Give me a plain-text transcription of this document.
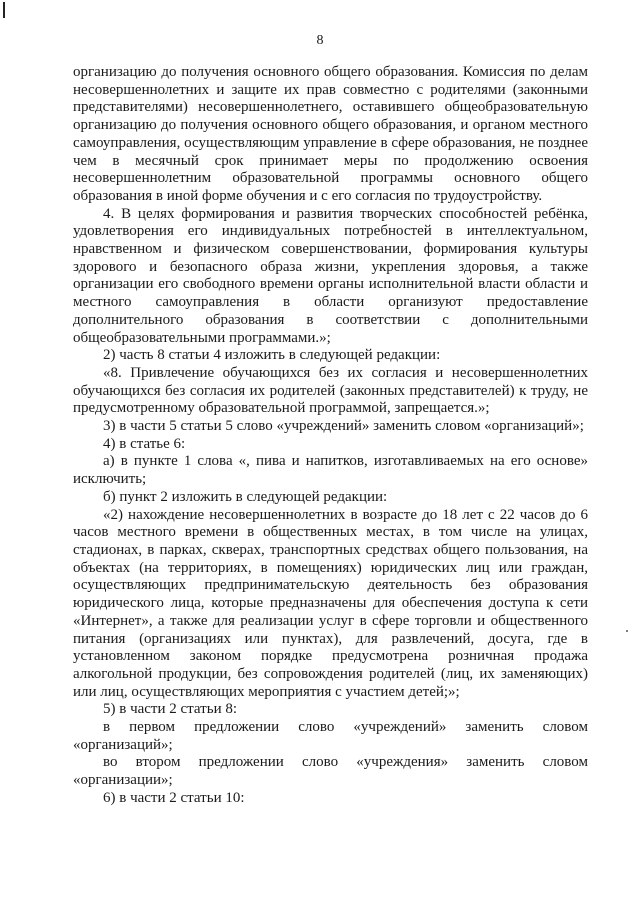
8

организацию до получения основного общего образования. Комиссия по делам несовершеннолетних и защите их прав совместно с родителями (законными представителями) несовершеннолетнего, оставившего общеобразовательную организацию до получения основного общего образования, и органом местного самоуправления, осуществляющим управление в сфере образования, не позднее чем в месячный срок принимает меры по продолжению освоения несовершеннолетним образовательной программы основного общего образования в иной форме обучения и с его согласия по трудоустройству.

4. В целях формирования и развития творческих способностей ребёнка, удовлетворения его индивидуальных потребностей в интеллектуальном, нравственном и физическом совершенствовании, формирования культуры здорового и безопасного образа жизни, укрепления здоровья, а также организации его свободного времени органы исполнительной власти области и местного самоуправления в области организуют предоставление дополнительного образования в соответствии с дополнительными общеобразовательными программами.»;

2) часть 8 статьи 4 изложить в следующей редакции:

«8. Привлечение обучающихся без их согласия и несовершеннолетних обучающихся без согласия их родителей (законных представителей) к труду, не предусмотренному образовательной программой, запрещается.»;

3) в части 5 статьи 5 слово «учреждений» заменить словом «организаций»;

4) в статье 6:

а) в пункте 1 слова «, пива и напитков, изготавливаемых на его основе» исключить;

б) пункт 2 изложить в следующей редакции:

«2) нахождение несовершеннолетних в возрасте до 18 лет с 22 часов до 6 часов местного времени в общественных местах, в том числе на улицах, стадионах, в парках, скверах, транспортных средствах общего пользования, на объектах (на территориях, в помещениях) юридических лиц или граждан, осуществляющих предпринимательскую деятельность без образования юридического лица, которые предназначены для обеспечения доступа к сети «Интернет», а также для реализации услуг в сфере торговли и общественного питания (организациях или пунктах), для развлечений, досуга, где в установленном законом порядке предусмотрена розничная продажа алкогольной продукции, без сопровождения родителей (лиц, их заменяющих) или лиц, осуществляющих мероприятия с участием детей;»;

5) в части 2 статьи 8:

в первом предложении слово «учреждений» заменить словом «организаций»;

во втором предложении слово «учреждения» заменить словом «организации»;

6) в части 2 статьи 10:
